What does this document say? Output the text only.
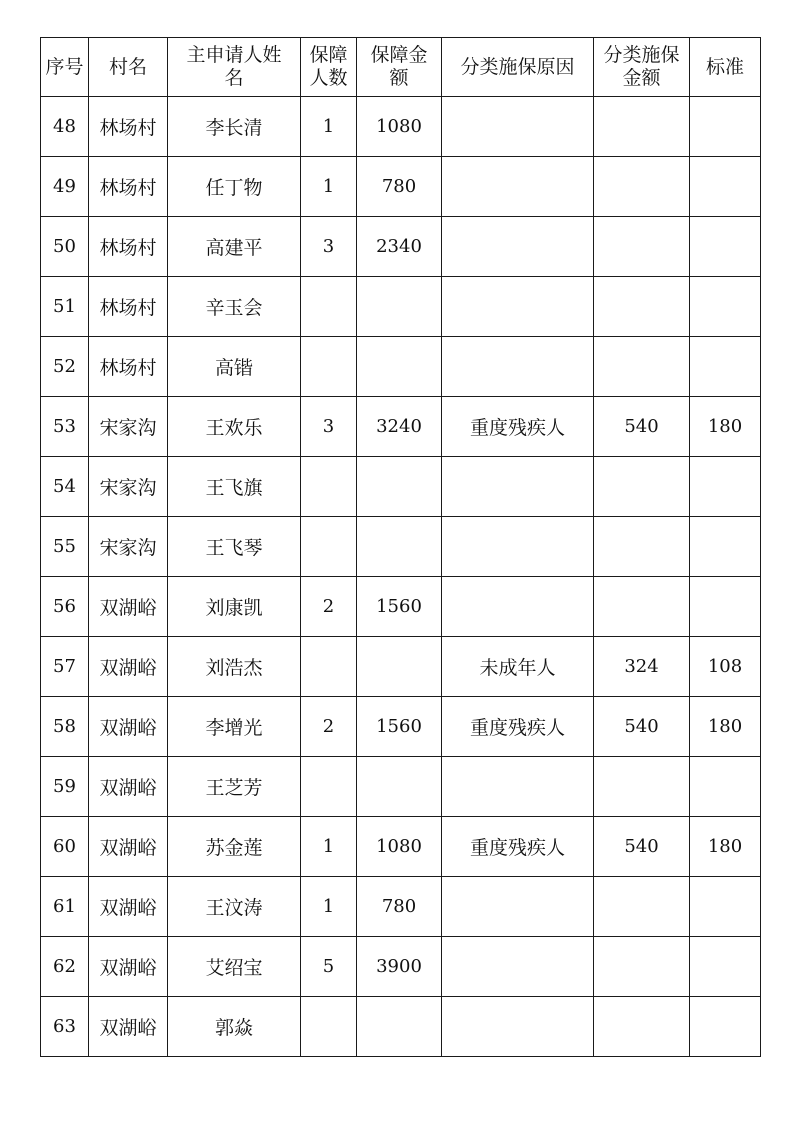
序号	村名	主申请人姓名	保障人数	保障金额	分类施保原因	分类施保金额	标准
48	林场村	李长清	1	1080			
49	林场村	任丁物	1	780			
50	林场村	高建平	3	2340			
51	林场村	辛玉会					
52	林场村	高锴					
53	宋家沟	王欢乐	3	3240	重度残疾人	540	180
54	宋家沟	王飞旗					
55	宋家沟	王飞琴					
56	双湖峪	刘康凯	2	1560			
57	双湖峪	刘浩杰			未成年人	324	108
58	双湖峪	李增光	2	1560	重度残疾人	540	180
59	双湖峪	王芝芳					
60	双湖峪	苏金莲	1	1080	重度残疾人	540	180
61	双湖峪	王汶涛	1	780			
62	双湖峪	艾绍宝	5	3900			
63	双湖峪	郭焱					
